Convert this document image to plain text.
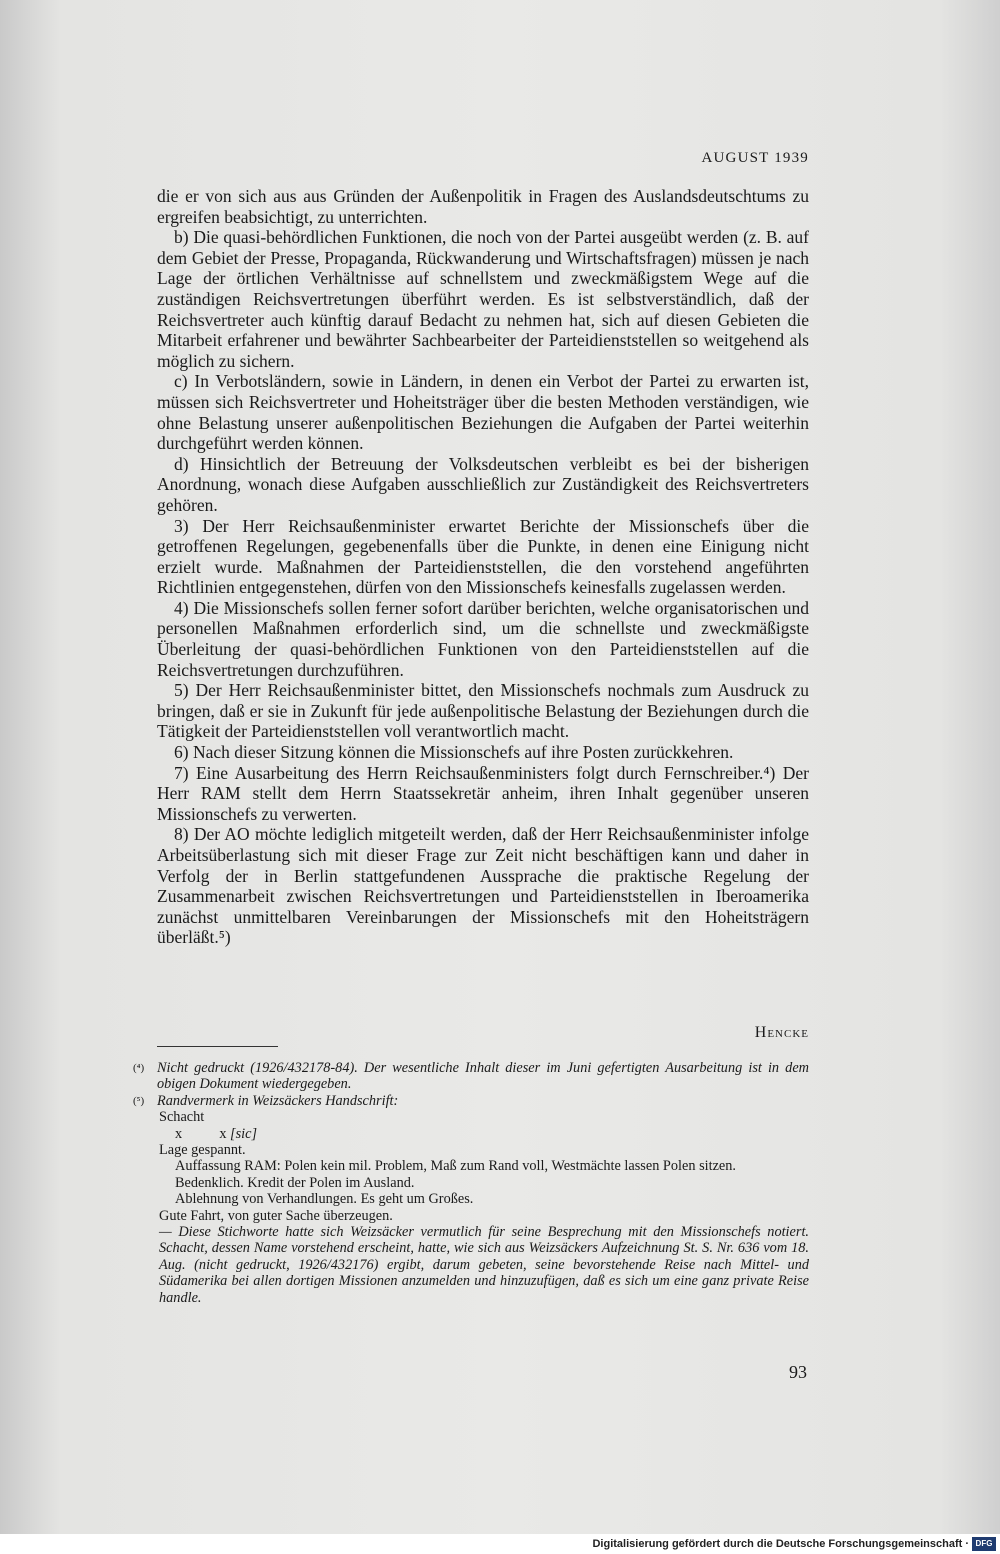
AUGUST 1939

die er von sich aus aus Gründen der Außenpolitik in Fragen des Auslandsdeutschtums zu ergreifen beabsichtigt, zu unterrichten.

b) Die quasi-behördlichen Funktionen, die noch von der Partei ausgeübt werden (z. B. auf dem Gebiet der Presse, Propaganda, Rückwanderung und Wirtschaftsfragen) müssen je nach Lage der örtlichen Verhältnisse auf schnellstem und zweckmäßigstem Wege auf die zuständigen Reichsvertretungen überführt werden. Es ist selbstverständlich, daß der Reichsvertreter auch künftig darauf Bedacht zu nehmen hat, sich auf diesen Gebieten die Mitarbeit erfahrener und bewährter Sachbearbeiter der Parteidienststellen so weitgehend als möglich zu sichern.

c) In Verbotsländern, sowie in Ländern, in denen ein Verbot der Partei zu erwarten ist, müssen sich Reichsvertreter und Hoheitsträger über die besten Methoden verständigen, wie ohne Belastung unserer außenpolitischen Beziehungen die Aufgaben der Partei weiterhin durchgeführt werden können.

d) Hinsichtlich der Betreuung der Volksdeutschen verbleibt es bei der bisherigen Anordnung, wonach diese Aufgaben ausschließlich zur Zuständigkeit des Reichsvertreters gehören.

3) Der Herr Reichsaußenminister erwartet Berichte der Missionschefs über die getroffenen Regelungen, gegebenenfalls über die Punkte, in denen eine Einigung nicht erzielt wurde. Maßnahmen der Parteidienststellen, die den vorstehend angeführten Richtlinien entgegenstehen, dürfen von den Missionschefs keinesfalls zugelassen werden.

4) Die Missionschefs sollen ferner sofort darüber berichten, welche organisatorischen und personellen Maßnahmen erforderlich sind, um die schnellste und zweckmäßigste Überleitung der quasi-behördlichen Funktionen von den Parteidienststellen auf die Reichsvertretungen durchzuführen.

5) Der Herr Reichsaußenminister bittet, den Missionschefs nochmals zum Ausdruck zu bringen, daß er sie in Zukunft für jede außenpolitische Belastung der Beziehungen durch die Tätigkeit der Parteidienststellen voll verantwortlich macht.

6) Nach dieser Sitzung können die Missionschefs auf ihre Posten zurückkehren.

7) Eine Ausarbeitung des Herrn Reichsaußenministers folgt durch Fernschreiber.⁴) Der Herr RAM stellt dem Herrn Staatssekretär anheim, ihren Inhalt gegenüber unseren Missionschefs zu verwerten.

8) Der AO möchte lediglich mitgeteilt werden, daß der Herr Reichsaußenminister infolge Arbeitsüberlastung sich mit dieser Frage zur Zeit nicht beschäftigen kann und daher in Verfolg der in Berlin stattgefundenen Aussprache die praktische Regelung der Zusammenarbeit zwischen Reichsvertretungen und Parteidienststellen in Iberoamerika zunächst unmittelbaren Vereinbarungen der Missionschefs mit den Hoheitsträgern überläßt.⁵)

Hencke
(⁴) Nicht gedruckt (1926/432178-84). Der wesentliche Inhalt dieser im Juni gefertigten Ausarbeitung ist in dem obigen Dokument wiedergegeben.
(⁵) Randvermerk in Weizsäckers Handschrift:
Schacht
x	x [sic]
Lage gespannt.
Auffassung RAM: Polen kein mil. Problem, Maß zum Rand voll, Westmächte lassen Polen sitzen.
Bedenklich. Kredit der Polen im Ausland.
Ablehnung von Verhandlungen. Es geht um Großes.
Gute Fahrt, von guter Sache überzeugen.
— Diese Stichworte hatte sich Weizsäcker vermutlich für seine Besprechung mit den Missionschefs notiert. Schacht, dessen Name vorstehend erscheint, hatte, wie sich aus Weizsäckers Aufzeichnung St. S. Nr. 636 vom 18. Aug. (nicht gedruckt, 1926/432176) ergibt, darum gebeten, seine bevorstehende Reise nach Mittel- und Südamerika bei allen dortigen Missionen anzumelden und hinzuzufügen, daß es sich um eine ganz private Reise handle.
93
Digitalisierung gefördert durch die Deutsche Forschungsgemeinschaft · DFG
